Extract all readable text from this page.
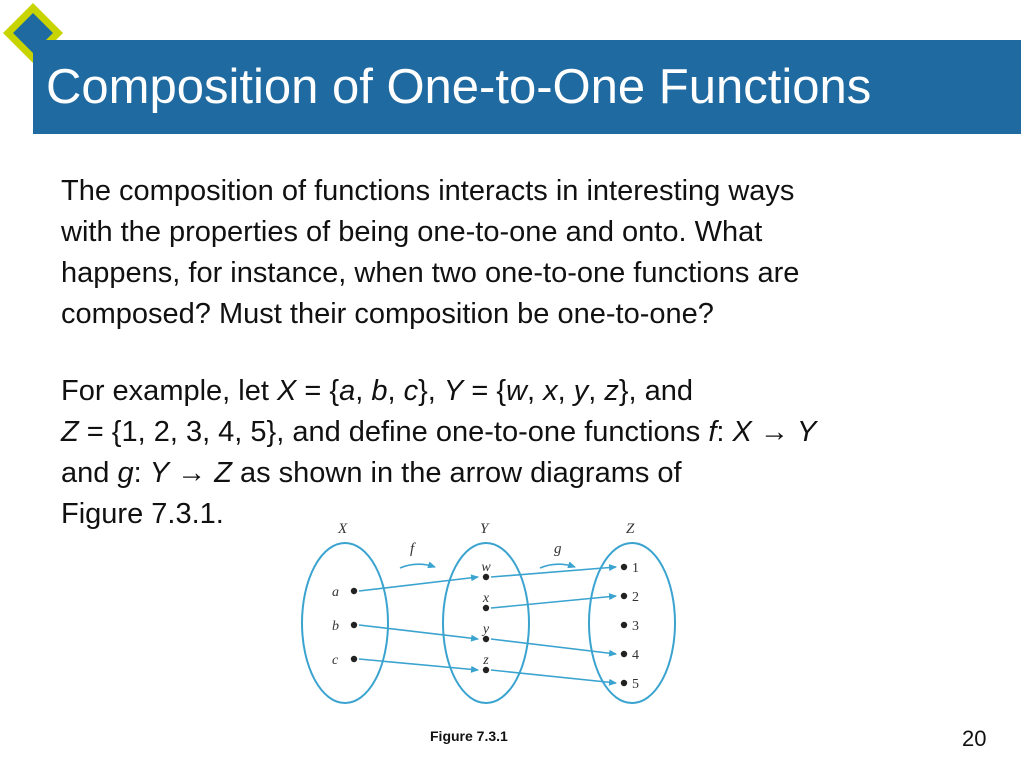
Composition of One-to-One Functions

The composition of functions interacts in interesting ways
with the properties of being one-to-one and onto. What
happens, for instance, when two one-to-one functions are
composed? Must their composition be one-to-one?

For example, let X = {a, b, c}, Y = {w, x, y, z}, and
Z = {1, 2, 3, 4, 5}, and define one-to-one functions f: X → Y
and g: Y → Z as shown in the arrow diagrams of
Figure 7.3.1.	X	Y	Z
f	g
a
b
c
w
x
y
z
1
2
3
4
5

Figure 7.3.1	20
